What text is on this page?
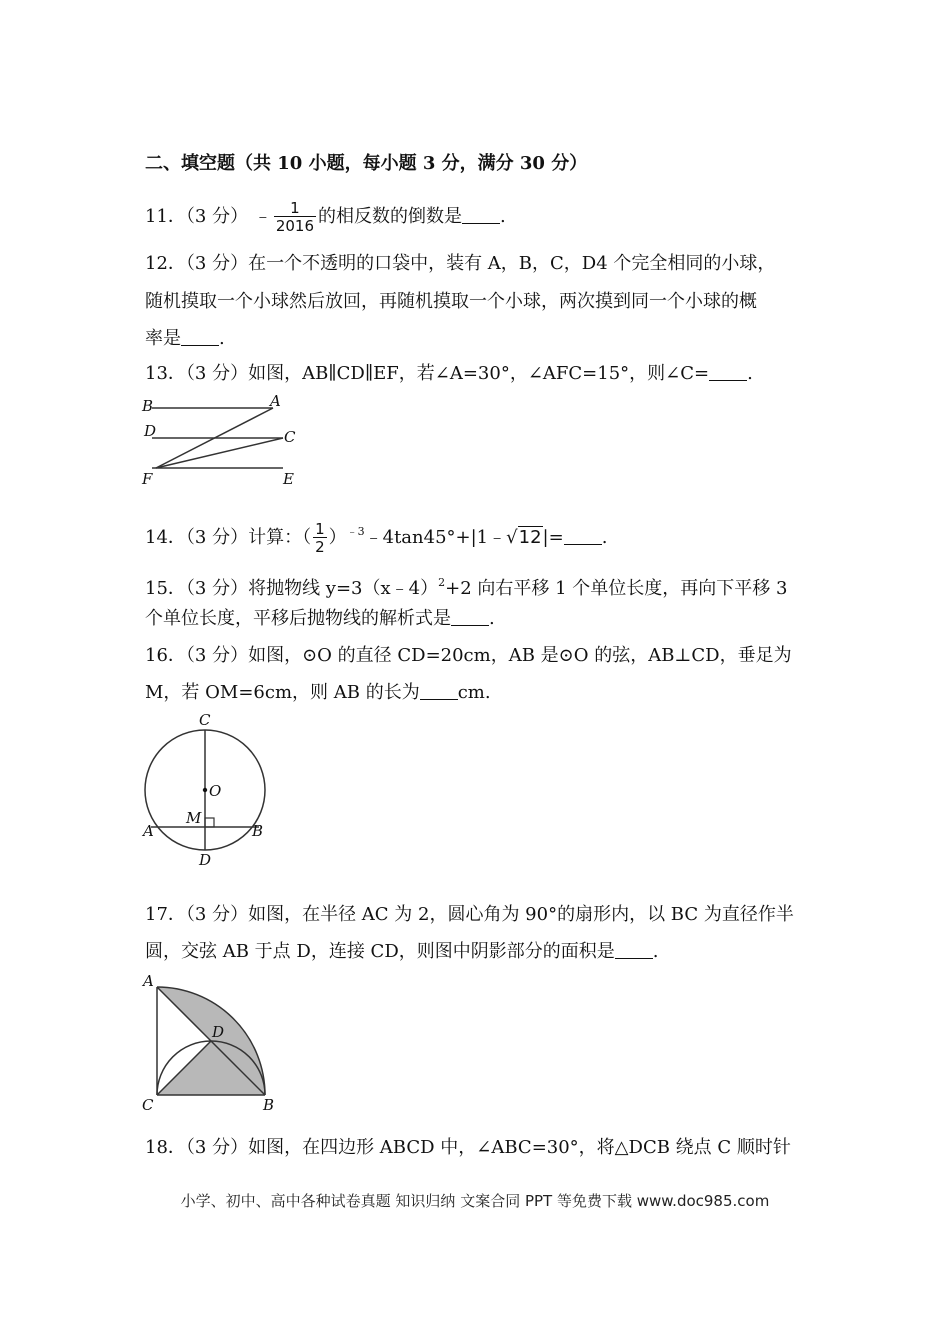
二、填空题（共 10 小题，每小题 3 分，满分 30 分）
11．（3 分） ﹣ $\frac{1}{2016}$ 的相反数的倒数是 .
12．（3 分）在一个不透明的口袋中，装有 A，B，C，D4 个完全相同的小球，
随机摸取一个小球然后放回，再随机摸取一个小球，两次摸到同一个小球的概
率是 .
13．（3 分）如图，AB∥CD∥EF，若∠A=30°，∠AFC=15°，则∠C= .
B	A
D	C
F	E
14．（3 分）计算：（ $\frac{1}{2}$ ）$^{﹣3}$﹣4tan45°+|1﹣√12|= .
15．（3 分）将抛物线 y=3（x﹣4）$^2$+2 向右平移 1 个单位长度，再向下平移 3
个单位长度，平移后抛物线的解析式是 .
16．（3 分）如图，⊙O 的直径 CD=20cm，AB 是⊙O 的弦，AB⊥CD，垂足为
M，若 OM=6cm，则 AB 的长为 cm.
C
O
M
A	B
D
17．（3 分）如图，在半径 AC 为 2，圆心角为 90°的扇形内，以 BC 为直径作半
圆，交弦 AB 于点 D，连接 CD，则图中阴影部分的面积是 .
A
D
C	B
18．（3 分）如图，在四边形 ABCD 中，∠ABC=30°，将△DCB 绕点 C 顺时针
小学、初中、高中各种试卷真题 知识归纳 文案合同 PPT 等免费下载 www.doc985.com
